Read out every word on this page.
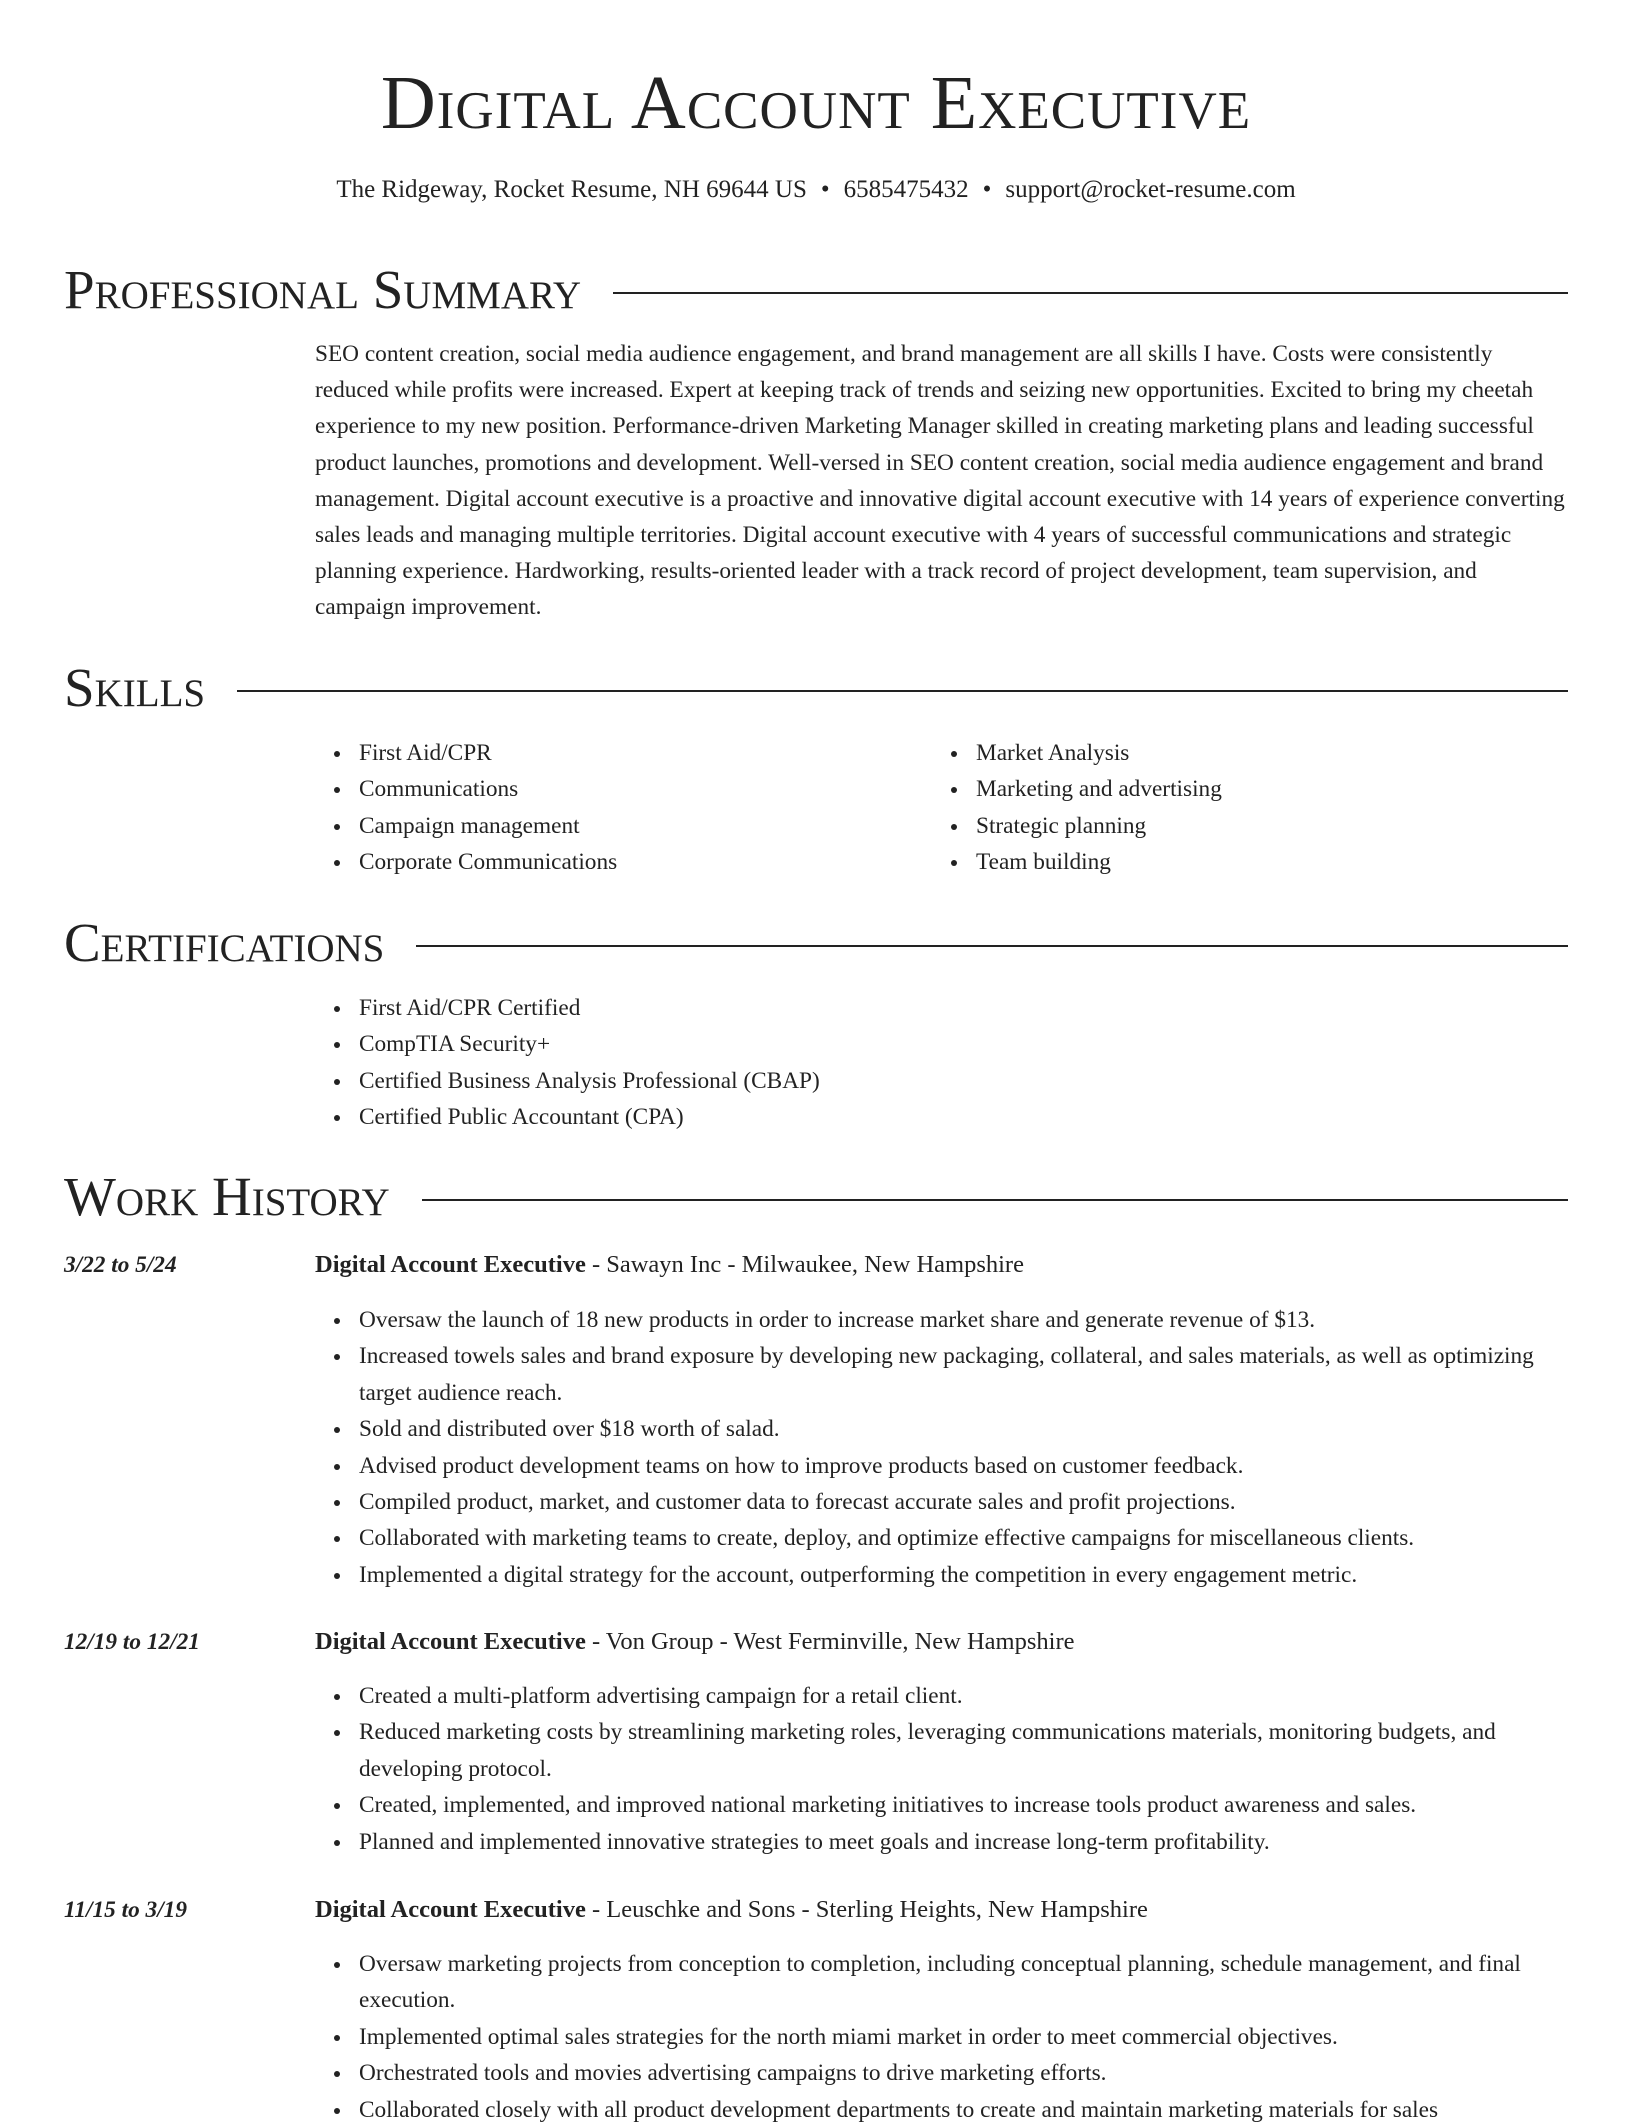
Digital Account Executive
The Ridgeway, Rocket Resume, NH 69644 US • 6585475432 • support@rocket-resume.com
Professional Summary
SEO content creation, social media audience engagement, and brand management are all skills I have. Costs were consistently reduced while profits were increased. Expert at keeping track of trends and seizing new opportunities. Excited to bring my cheetah experience to my new position. Performance-driven Marketing Manager skilled in creating marketing plans and leading successful product launches, promotions and development. Well-versed in SEO content creation, social media audience engagement and brand management. Digital account executive is a proactive and innovative digital account executive with 14 years of experience converting sales leads and managing multiple territories. Digital account executive with 4 years of successful communications and strategic planning experience. Hardworking, results-oriented leader with a track record of project development, team supervision, and campaign improvement.
Skills
First Aid/CPR
Communications
Campaign management
Corporate Communications
Market Analysis
Marketing and advertising
Strategic planning
Team building
Certifications
First Aid/CPR Certified
CompTIA Security+
Certified Business Analysis Professional (CBAP)
Certified Public Accountant (CPA)
Work History
3/22 to 5/24	Digital Account Executive - Sawayn Inc - Milwaukee, New Hampshire
Oversaw the launch of 18 new products in order to increase market share and generate revenue of $13.
Increased towels sales and brand exposure by developing new packaging, collateral, and sales materials, as well as optimizing target audience reach.
Sold and distributed over $18 worth of salad.
Advised product development teams on how to improve products based on customer feedback.
Compiled product, market, and customer data to forecast accurate sales and profit projections.
Collaborated with marketing teams to create, deploy, and optimize effective campaigns for miscellaneous clients.
Implemented a digital strategy for the account, outperforming the competition in every engagement metric.
12/19 to 12/21	Digital Account Executive - Von Group - West Ferminville, New Hampshire
Created a multi-platform advertising campaign for a retail client.
Reduced marketing costs by streamlining marketing roles, leveraging communications materials, monitoring budgets, and developing protocol.
Created, implemented, and improved national marketing initiatives to increase tools product awareness and sales.
Planned and implemented innovative strategies to meet goals and increase long-term profitability.
11/15 to 3/19	Digital Account Executive - Leuschke and Sons - Sterling Heights, New Hampshire
Oversaw marketing projects from conception to completion, including conceptual planning, schedule management, and final execution.
Implemented optimal sales strategies for the north miami market in order to meet commercial objectives.
Orchestrated tools and movies advertising campaigns to drive marketing efforts.
Collaborated closely with all product development departments to create and maintain marketing materials for sales
